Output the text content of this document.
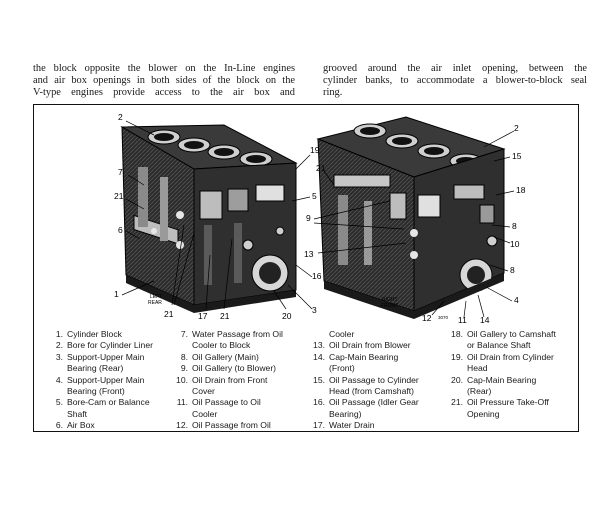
the block opposite the blower on the In-Line engines
and air box openings in both sides of the block on the
V-type engines provide access to the air box and
grooved around the air inlet opening, between the
cylinder banks, to accommodate a blower-to-block seal
ring.
2
7
21
6
1
21	17 21	20
3
16
5
19
LEFT REAR
2
15
18
21
9
13
8
10
8
4
12	11 14
RIGHT FRONT
3070
1. Cylinder Block
2. Bore for Cylinder Liner
3. Support-Upper Main
Bearing (Rear)
4. Support-Upper Main
Bearing (Front)
5. Bore-Cam or Balance
Shaft
6. Air Box
7. Water Passage from Oil
Cooler to Block
8. Oil Gallery (Main)
9. Oil Gallery (to Blower)
10. Oil Drain from Front
Cover
11. Oil Passage to Oil
Cooler
12. Oil Passage from Oil
Cooler
13. Oil Drain from Blower
14. Cap-Main Bearing
(Front)
15. Oil Passage to Cylinder
Head (from Camshaft)
16. Oil Passage (Idler Gear
Bearing)
17. Water Drain
18. Oil Gallery to Camshaft
or Balance Shaft
19. Oil Drain from Cylinder
Head
20. Cap-Main Bearing
(Rear)
21. Oil Pressure Take-Off
Opening
